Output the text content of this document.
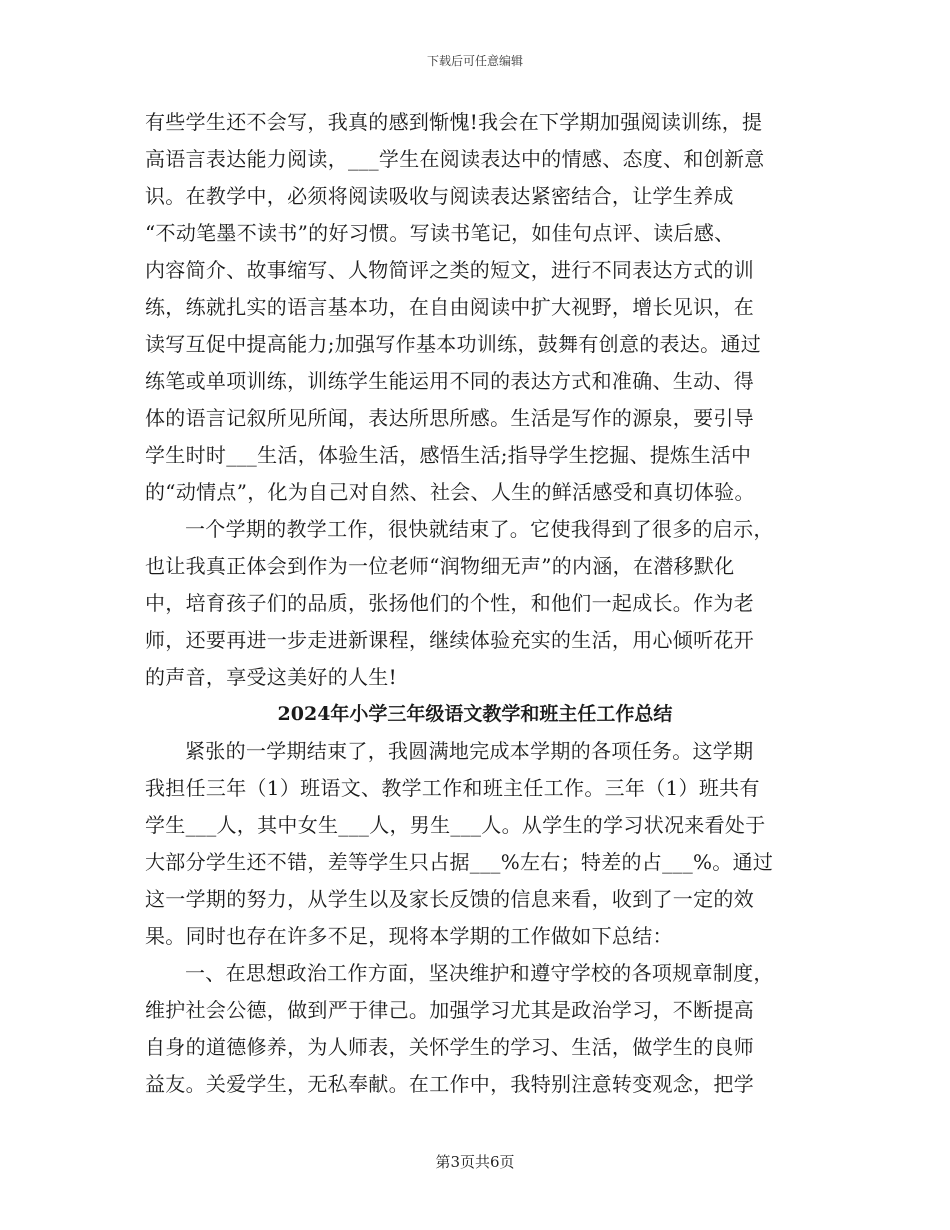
下载后可任意编辑
有些学生还不会写，我真的感到惭愧!我会在下学期加强阅读训练，提
高语言表达能力阅读，___学生在阅读表达中的情感、态度、和创新意
识。在教学中，必须将阅读吸收与阅读表达紧密结合，让学生养成
“不动笔墨不读书”的好习惯。写读书笔记，如佳句点评、读后感、
内容简介、故事缩写、人物简评之类的短文，进行不同表达方式的训
练，练就扎实的语言基本功，在自由阅读中扩大视野，增长见识，在
读写互促中提高能力;加强写作基本功训练，鼓舞有创意的表达。通过
练笔或单项训练，训练学生能运用不同的表达方式和准确、生动、得
体的语言记叙所见所闻，表达所思所感。生活是写作的源泉，要引导
学生时时___生活，体验生活，感悟生活;指导学生挖掘、提炼生活中
的“动情点”，化为自己对自然、社会、人生的鲜活感受和真切体验。
一个学期的教学工作，很快就结束了。它使我得到了很多的启示，
也让我真正体会到作为一位老师“润物细无声”的内涵，在潜移默化
中，培育孩子们的品质，张扬他们的个性，和他们一起成长。作为老
师，还要再进一步走进新课程，继续体验充实的生活，用心倾听花开
的声音，享受这美好的人生!
2024年小学三年级语文教学和班主任工作总结
紧张的一学期结束了，我圆满地完成本学期的各项任务。这学期
我担任三年（1）班语文、教学工作和班主任工作。三年（1）班共有
学生___人，其中女生___人，男生___人。从学生的学习状况来看处于
大部分学生还不错，差等学生只占据___%左右；特差的占___%。通过
这一学期的努力，从学生以及家长反馈的信息来看，收到了一定的效
果。同时也存在许多不足，现将本学期的工作做如下总结：
一、在思想政治工作方面，坚决维护和遵守学校的各项规章制度，
维护社会公德，做到严于律己。加强学习尤其是政治学习，不断提高
自身的道德修养，为人师表，关怀学生的学习、生活，做学生的良师
益友。关爱学生，无私奉献。在工作中，我特别注意转变观念，把学
第3页共6页
